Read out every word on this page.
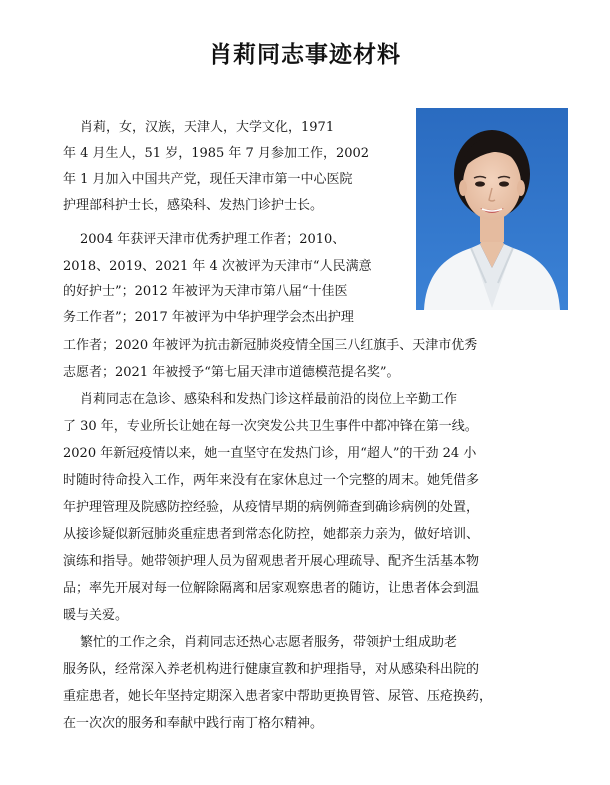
肖莉同志事迹材料
肖莉，女，汉族，天津人，大学文化，1971
年 4 月生人，51 岁，1985 年 7 月参加工作，2002
年 1 月加入中国共产党，现任天津市第一中心医院
护理部科护士长，感染科、发热门诊护士长。
2004 年获评天津市优秀护理工作者；2010、
2018、2019、2021 年 4 次被评为天津市“人民满意
的好护士”；2012 年被评为天津市第八届“十佳医
务工作者”；2017 年被评为中华护理学会杰出护理
工作者；2020 年被评为抗击新冠肺炎疫情全国三八红旗手、天津市优秀
志愿者；2021 年被授予“第七届天津市道德模范提名奖”。
肖莉同志在急诊、感染科和发热门诊这样最前沿的岗位上辛勤工作
了 30 年，专业所长让她在每一次突发公共卫生事件中都冲锋在第一线。
2020 年新冠疫情以来，她一直坚守在发热门诊，用“超人”的干劲 24 小
时随时待命投入工作，两年来没有在家休息过一个完整的周末。她凭借多
年护理管理及院感防控经验，从疫情早期的病例筛查到确诊病例的处置，
从接诊疑似新冠肺炎重症患者到常态化防控，她都亲力亲为，做好培训、
演练和指导。她带领护理人员为留观患者开展心理疏导、配齐生活基本物
品；率先开展对每一位解除隔离和居家观察患者的随访，让患者体会到温
暖与关爱。
繁忙的工作之余，肖莉同志还热心志愿者服务，带领护士组成助老
服务队，经常深入养老机构进行健康宣教和护理指导，对从感染科出院的
重症患者，她长年坚持定期深入患者家中帮助更换胃管、尿管、压疮换药，
在一次次的服务和奉献中践行南丁格尔精神。
